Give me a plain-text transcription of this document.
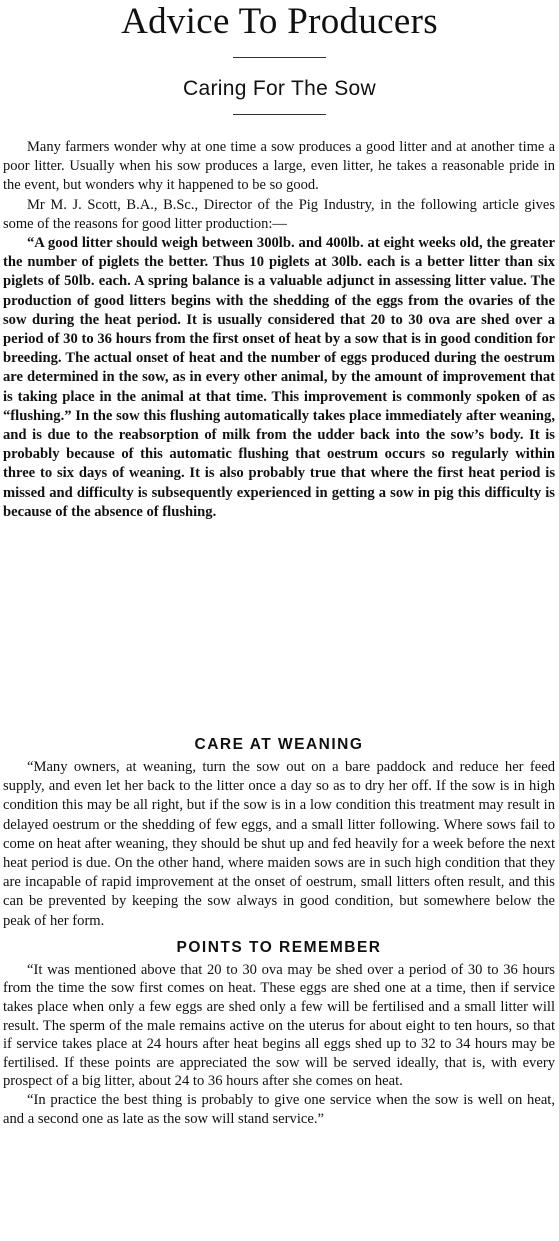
Advice To Producers
Caring For The Sow

Many farmers wonder why at one time a sow produces a good litter and at another time a poor litter. Usually when his sow produces a large, even litter, he takes a reasonable pride in the event, but wonders why it happened to be so good.

Mr M. J. Scott, B.A., B.Sc., Director of the Pig Industry, in the following article gives some of the reasons for good litter production:—

“A good litter should weigh between 300lb. and 400lb. at eight weeks old, the greater the number of piglets the better. Thus 10 piglets at 30lb. each is a better litter than six piglets of 50lb. each. A spring balance is a valuable adjunct in assessing litter value. The production of good litters begins with the shedding of the eggs from the ovaries of the sow during the heat period. It is usually considered that 20 to 30 ova are shed over a period of 30 to 36 hours from the first onset of heat by a sow that is in good condition for breeding. The actual onset of heat and the number of eggs produced during the oestrum are determined in the sow, as in every other animal, by the amount of improvement that is taking place in the animal at that time. This improvement is commonly spoken of as “flushing.” In the sow this flushing automatically takes place immediately after weaning, and is due to the reabsorption of milk from the udder back into the sow’s body. It is probably because of this automatic flushing that oestrum occurs so regularly within three to six days of weaning. It is also probably true that where the first heat period is missed and difficulty is subsequently experienced in getting a sow in pig this difficulty is because of the absence of flushing.

CARE AT WEANING

“Many owners, at weaning, turn the sow out on a bare paddock and reduce her feed supply, and even let her back to the litter once a day so as to dry her off. If the sow is in high condition this may be all right, but if the sow is in a low condition this treatment may result in delayed oestrum or the shedding of few eggs, and a small litter following. Where sows fail to come on heat after weaning, they should be shut up and fed heavily for a week before the next heat period is due. On the other hand, where maiden sows are in such high condition that they are incapable of rapid improvement at the onset of oestrum, small litters often result, and this can be prevented by keeping the sow always in good condition, but somewhere below the peak of her form.

POINTS TO REMEMBER

“It was mentioned above that 20 to 30 ova may be shed over a period of 30 to 36 hours from the time the sow first comes on heat. These eggs are shed one at a time, then if service takes place when only a few eggs are shed only a few will be fertilised and a small litter will result. The sperm of the male remains active on the uterus for about eight to ten hours, so that if service takes place at 24 hours after heat begins all eggs shed up to 32 to 34 hours may be fertilised. If these points are appreciated the sow will be served ideally, that is, with every prospect of a big litter, about 24 to 36 hours after she comes on heat.

“In practice the best thing is probably to give one service when the sow is well on heat, and a second one as late as the sow will stand service.”
